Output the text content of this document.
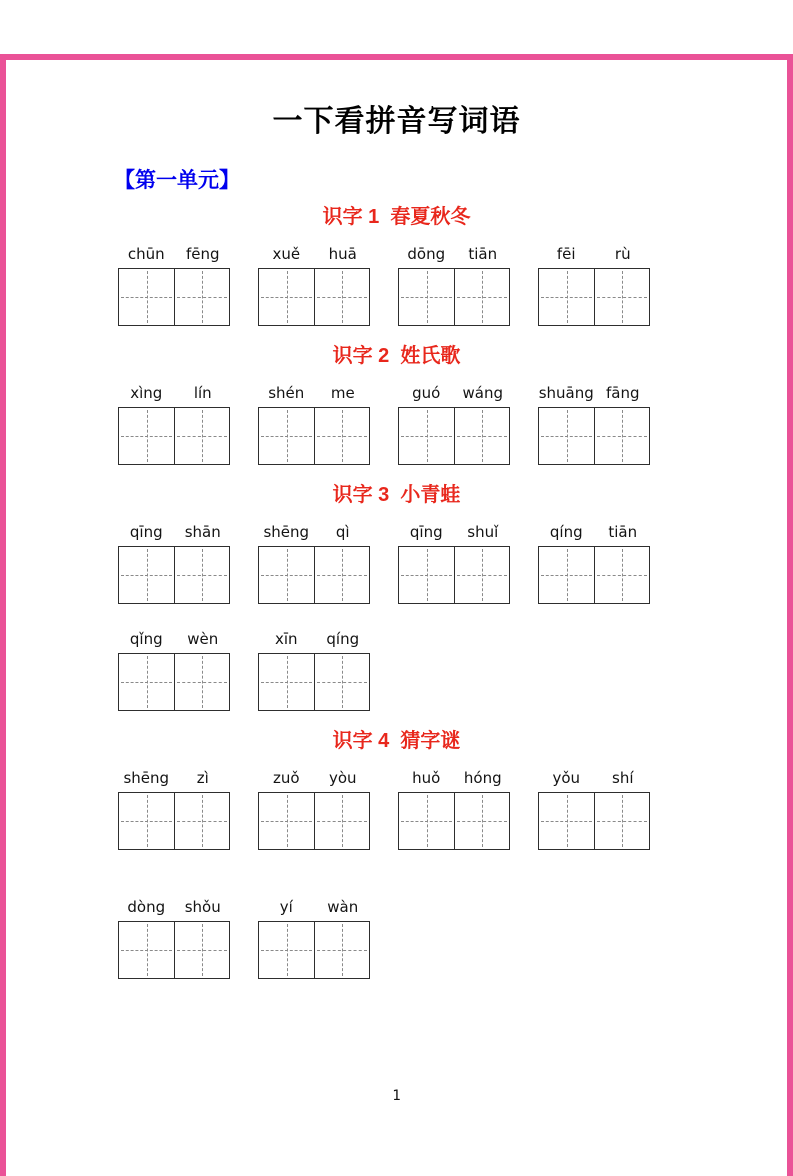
一下看拼音写词语
【第一单元】
识字 1  春夏秋冬
chūn	fēng	xuě	huā	dōng	tiān	fēi	rù
识字 2  姓氏歌
xìng	lín	shén	me	guó	wáng	shuāng fāng
识字 3  小青蛙
qīng	shān	shēng	qì	qīng	shuǐ	qíng	tiān
qǐng	wèn	xīn	qíng
识字 4  猜字谜
shēng	zì	zuǒ	yòu	huǒ	hóng	yǒu	shí
dòng	shǒu	yí	wàn
1
